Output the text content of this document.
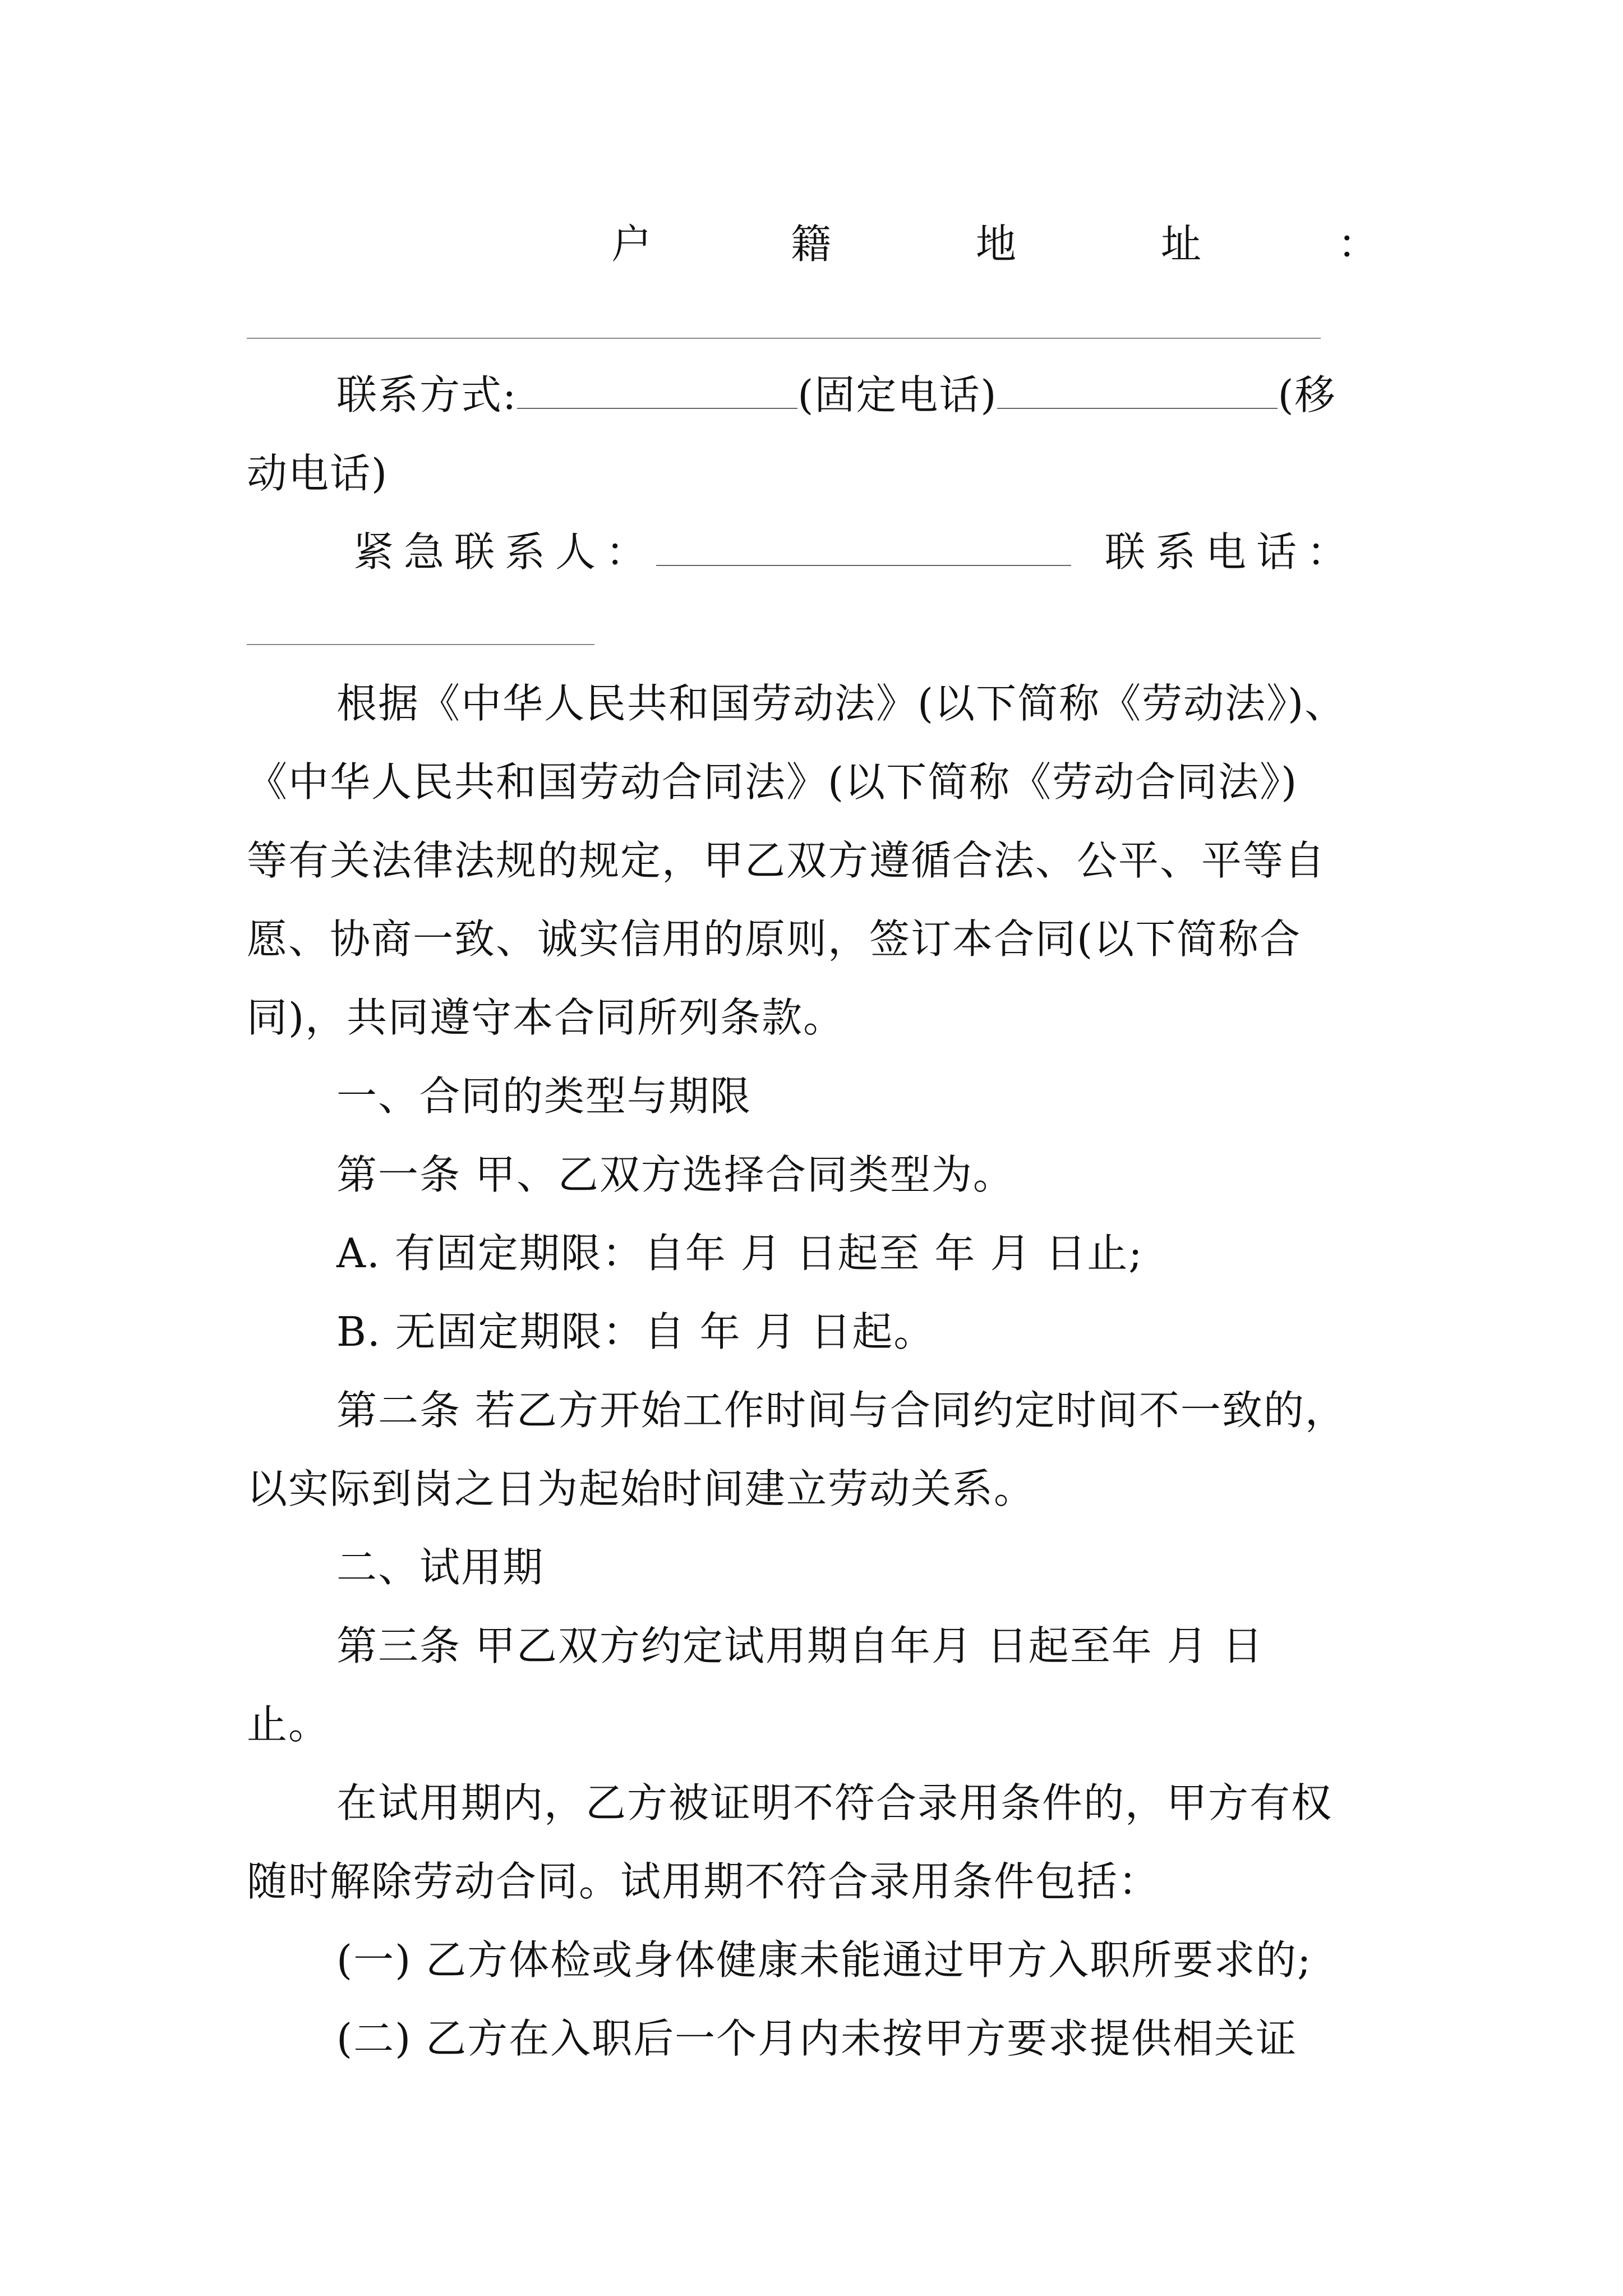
户	籍	地	址	：
联系方式:	(固定电话)	(移
动电话)
紧急联系人：	联系电话：
根据《中华人民共和国劳动法》(以下简称《劳动法》)、
《中华人民共和国劳动合同法》(以下简称《劳动合同法》)
等有关法律法规的规定，甲乙双方遵循合法、公平、平等自
愿、协商一致、诚实信用的原则，签订本合同(以下简称合
同)，共同遵守本合同所列条款。
一、合同的类型与期限
第一条 甲、乙双方选择合同类型为。
A. 有固定期限：自年 月 日起至 年 月 日止;
B. 无固定期限：自 年 月 日起。
第二条 若乙方开始工作时间与合同约定时间不一致的，
以实际到岗之日为起始时间建立劳动关系。
二、试用期
第三条 甲乙双方约定试用期自年月 日起至年 月 日
止。
在试用期内，乙方被证明不符合录用条件的，甲方有权
随时解除劳动合同。试用期不符合录用条件包括：
(一) 乙方体检或身体健康未能通过甲方入职所要求的;
(二) 乙方在入职后一个月内未按甲方要求提供相关证
